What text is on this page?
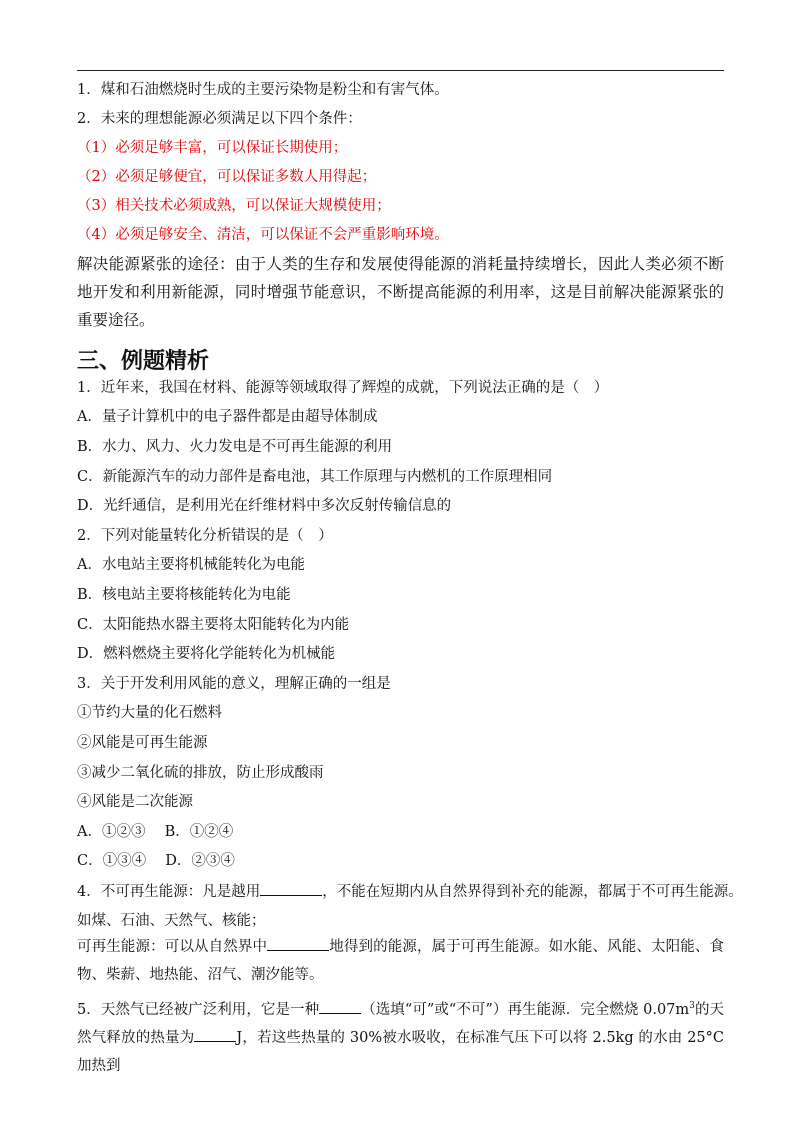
1．煤和石油燃烧时生成的主要污染物是粉尘和有害气体。
2．未来的理想能源必须满足以下四个条件：
（1）必须足够丰富，可以保证长期使用；
（2）必须足够便宜，可以保证多数人用得起；
（3）相关技术必须成熟，可以保证大规模使用；
（4）必须足够安全、清洁，可以保证不会严重影响环境。
解决能源紧张的途径：由于人类的生存和发展使得能源的消耗量持续增长，因此人类必须不断地开发和利用新能源，同时增强节能意识，不断提高能源的利用率，这是目前解决能源紧张的重要途径。
三、例题精析
1．近年来，我国在材料、能源等领域取得了辉煌的成就，下列说法正确的是（　）
A．量子计算机中的电子器件都是由超导体制成
B．水力、风力、火力发电是不可再生能源的利用
C．新能源汽车的动力部件是畜电池，其工作原理与内燃机的工作原理相同
D．光纤通信，是利用光在纤维材料中多次反射传输信息的
2．下列对能量转化分析错误的是（　）
A．水电站主要将机械能转化为电能
B．核电站主要将核能转化为电能
C．太阳能热水器主要将太阳能转化为内能
D．燃料燃烧主要将化学能转化为机械能
3．关于开发利用风能的意义，理解正确的一组是
①节约大量的化石燃料
②风能是可再生能源
③减少二氧化硫的排放，防止形成酸雨
④风能是二次能源
A．①②③　 B．①②④
C．①③④　 D．②③④
4．不可再生能源：凡是越用	，不能在短期内从自然界得到补充的能源，都属于不可再生能源。
如煤、石油、天然气、核能；
可再生能源：可以从自然界中	地得到的能源，属于可再生能源。如水能、风能、太阳能、食物、柴薪、地热能、沼气、潮汐能等。
5．天然气已经被广泛利用，它是一种	（选填“可”或“不可”）再生能源．完全燃烧 $0.07m^3$的天然气释放的热量为	J，若这些热量的 30%被水吸收，在标准气压下可以将 2.5kg 的水由 25°C加热到
